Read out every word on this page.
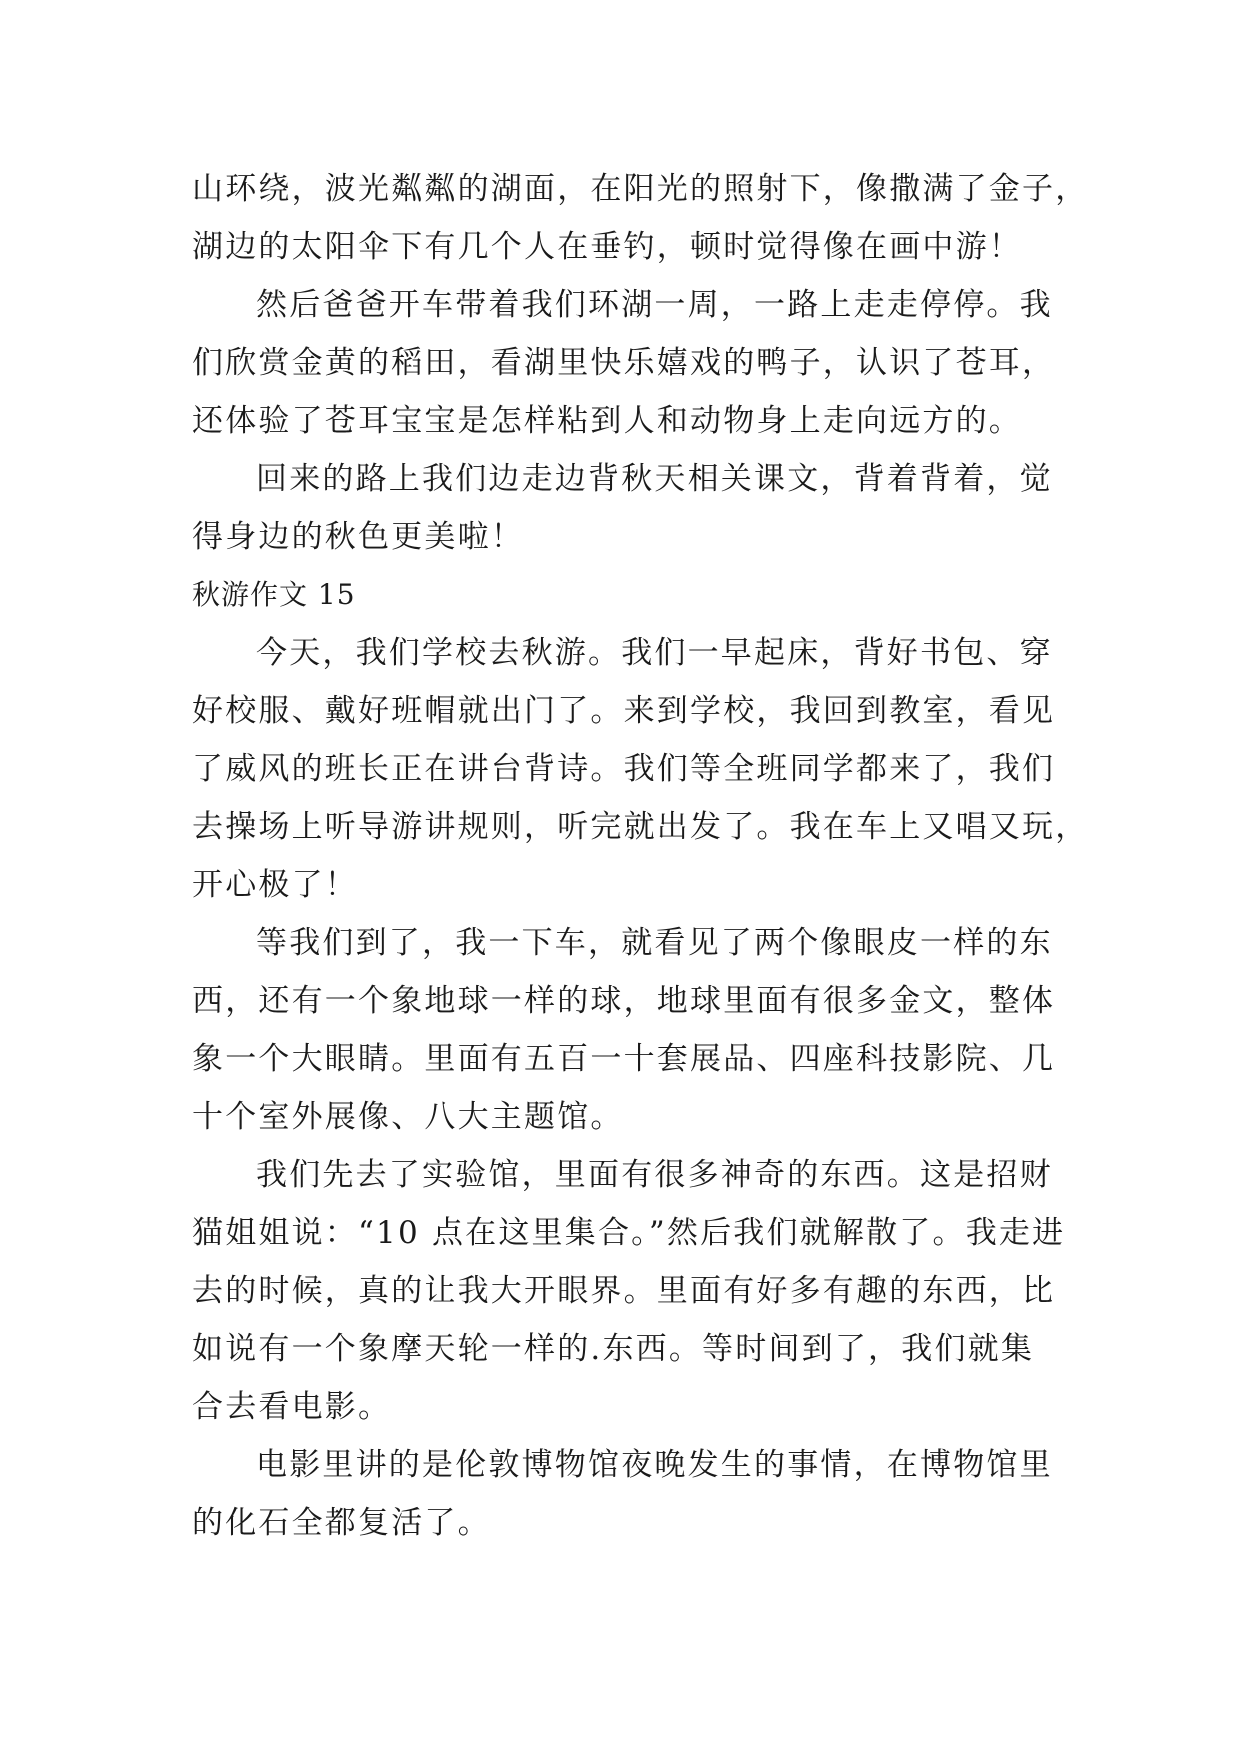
山环绕，波光粼粼的湖面，在阳光的照射下，像撒满了金子，
湖边的太阳伞下有几个人在垂钓，顿时觉得像在画中游！
然后爸爸开车带着我们环湖一周，一路上走走停停。我
们欣赏金黄的稻田，看湖里快乐嬉戏的鸭子，认识了苍耳，
还体验了苍耳宝宝是怎样粘到人和动物身上走向远方的。
回来的路上我们边走边背秋天相关课文，背着背着，觉
得身边的秋色更美啦！
秋游作文 15
今天，我们学校去秋游。我们一早起床，背好书包、穿
好校服、戴好班帽就出门了。来到学校，我回到教室，看见
了威风的班长正在讲台背诗。我们等全班同学都来了，我们
去操场上听导游讲规则，听完就出发了。我在车上又唱又玩，
开心极了！
等我们到了，我一下车，就看见了两个像眼皮一样的东
西，还有一个象地球一样的球，地球里面有很多金文，整体
象一个大眼睛。里面有五百一十套展品、四座科技影院、几
十个室外展像、八大主题馆。
我们先去了实验馆，里面有很多神奇的东西。这是招财
猫姐姐说：“10 点在这里集合。”然后我们就解散了。我走进
去的时候，真的让我大开眼界。里面有好多有趣的东西，比
如说有一个象摩天轮一样的.东西。等时间到了，我们就集
合去看电影。
电影里讲的是伦敦博物馆夜晚发生的事情，在博物馆里
的化石全都复活了。
